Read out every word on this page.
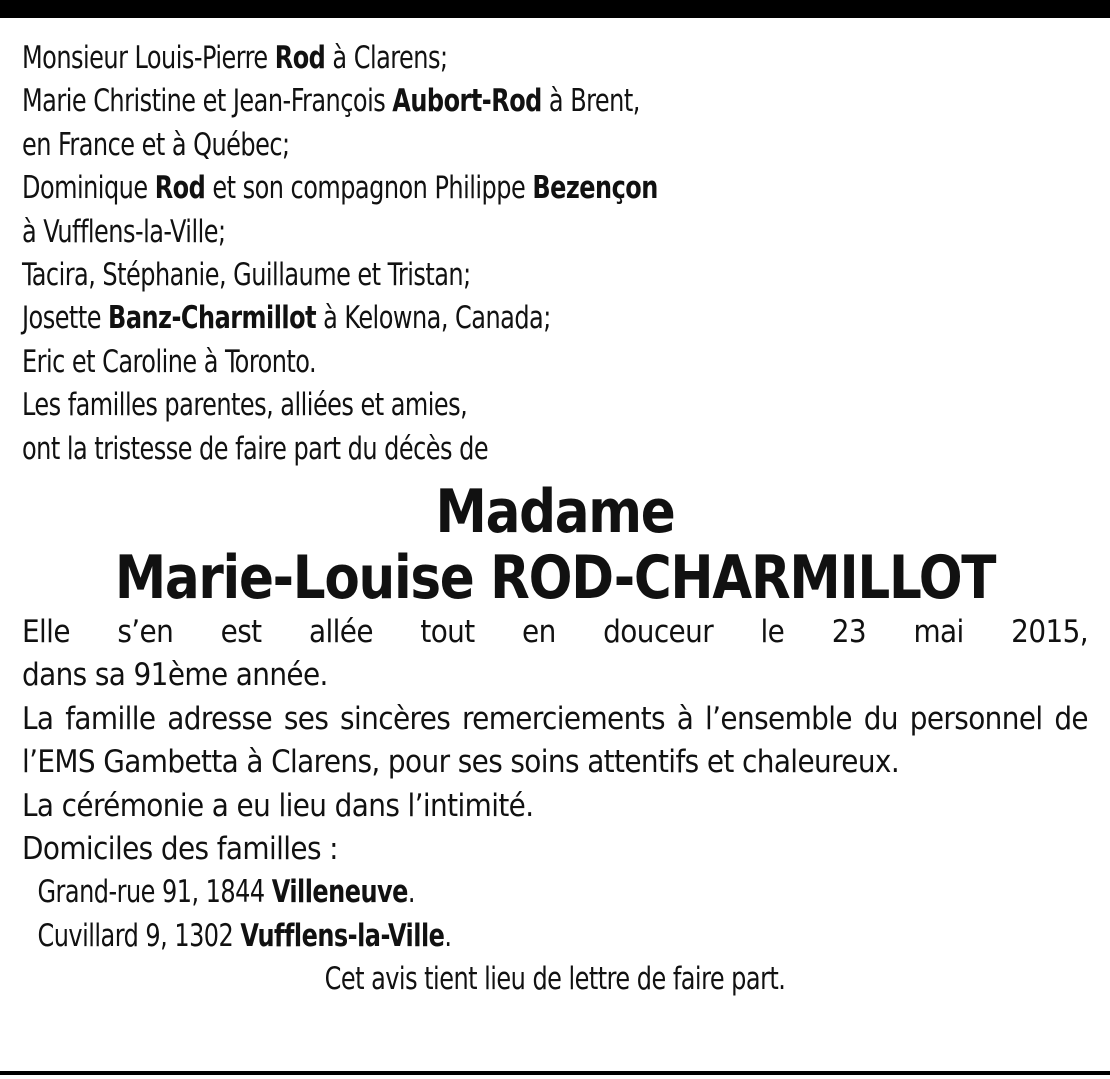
Monsieur Louis-Pierre Rod à Clarens;
Marie Christine et Jean-François Aubort-Rod à Brent,
en France et à Québec;
Dominique Rod et son compagnon Philippe Bezençon
à Vufflens-la-Ville;
Tacira, Stéphanie, Guillaume et Tristan;
Josette Banz-Charmillot à Kelowna, Canada;
Eric et Caroline à Toronto.
Les familles parentes, alliées et amies,
ont la tristesse de faire part du décès de
Madame
Marie-Louise ROD-CHARMILLOT

Elle s’en est allée tout en douceur le 23 mai 2015,

dans sa 91ème année.

La famille adresse ses sincères remerciements à l’ensemble du personnel de l’EMS Gambetta à Clarens, pour ses soins attentifs et chaleureux.

La cérémonie a eu lieu dans l’intimité.

Domiciles des familles :

Grand-rue 91, 1844 Villeneuve.
Cuvillard 9, 1302 Vufflens-la-Ville.
Cet avis tient lieu de lettre de faire part.
